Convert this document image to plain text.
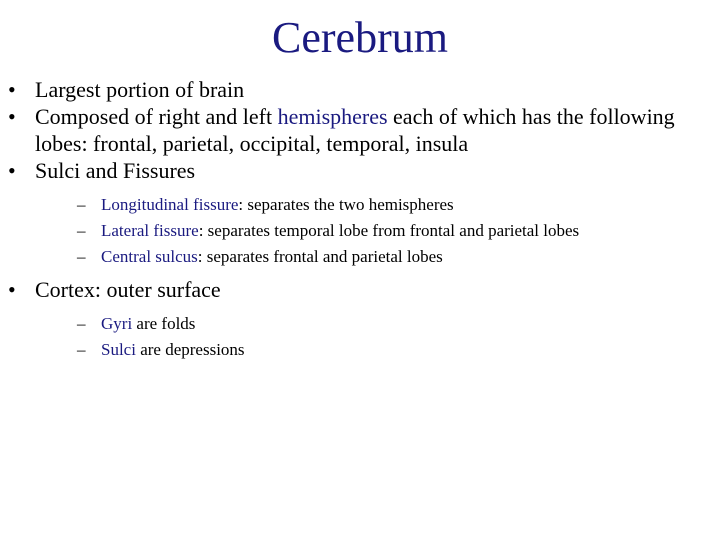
Cerebrum
• Largest portion of brain
• Composed of right and left hemispheres each of which has the following lobes: frontal, parietal, occipital, temporal, insula
• Sulci and Fissures
– Longitudinal fissure: separates the two hemispheres
– Lateral fissure: separates temporal lobe from frontal and parietal lobes
– Central sulcus: separates frontal and parietal lobes
• Cortex: outer surface
– Gyri are folds
– Sulci are depressions
